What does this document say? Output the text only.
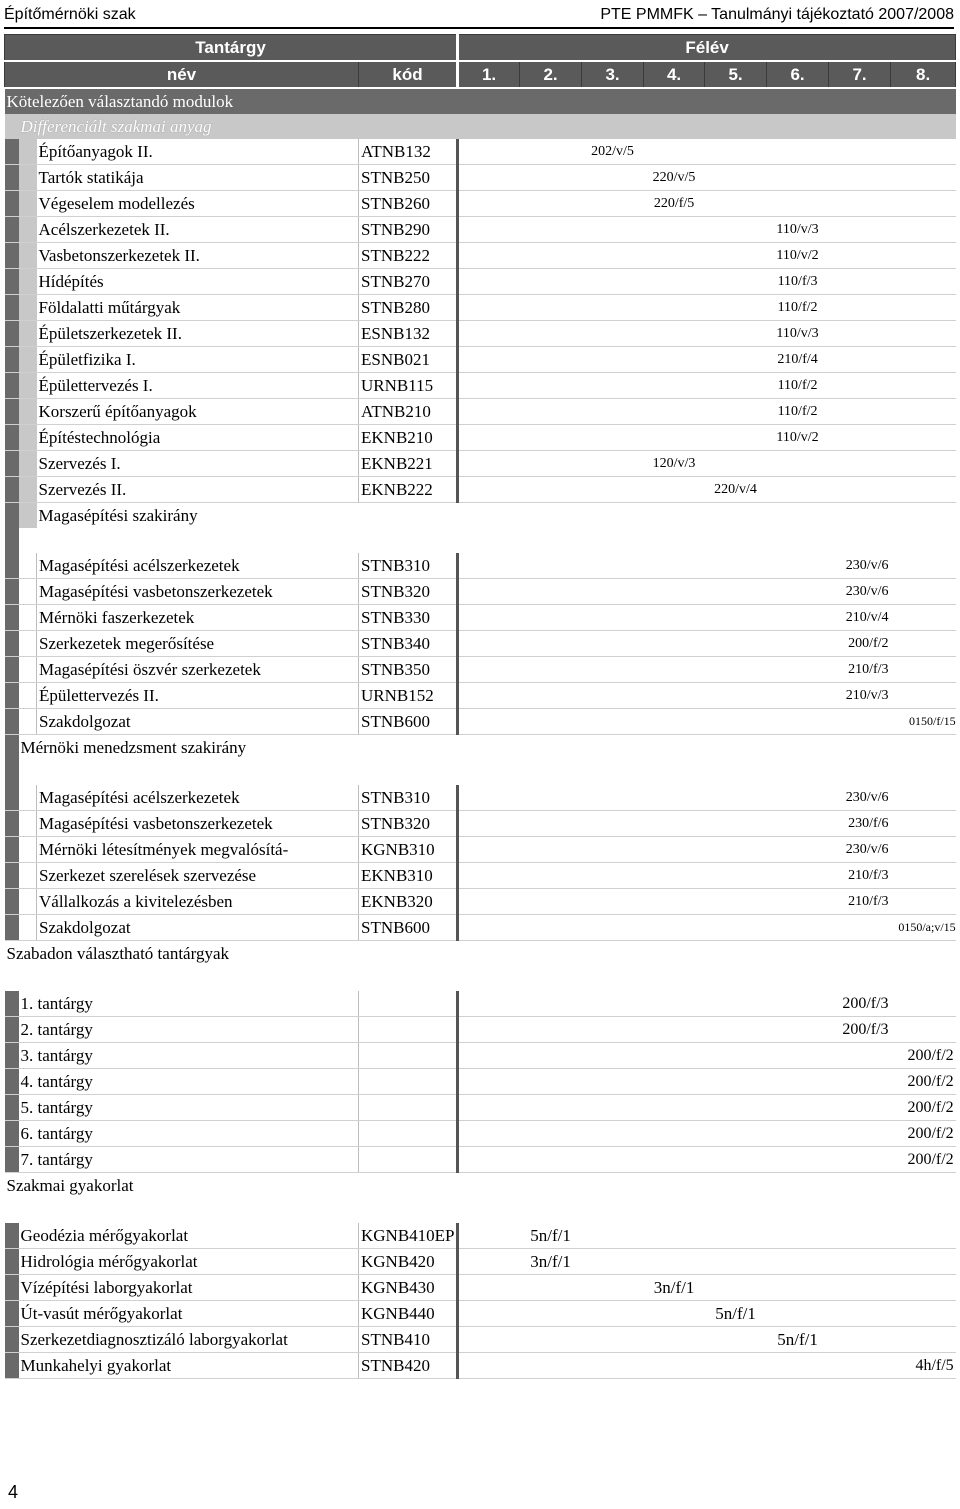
Építőmérnöki szak	PTE PMMFK – Tanulmányi tájékoztató 2007/2008
Tantárgy				Félév							
név			kód	1.	2.	3.	4.	5.	6.	7.	8.
Kötelezően választandó modulok											
	Differenciált szakmai anyag										
		Építőanyagok II.	ATNB132			202/v/5					
		Tartók statikája	STNB250				220/v/5				
		Végeselem modellezés	STNB260				220/f/5				
		Acélszerkezetek II.	STNB290						110/v/3		
		Vasbetonszerkezetek II.	STNB222						110/v/2		
		Hídépítés	STNB270						110/f/3		
		Földalatti műtárgyak	STNB280						110/f/2		
		Épületszerkezetek II.	ESNB132						110/v/3		
		Épületfizika I.	ESNB021						210/f/4		
		Épülettervezés I.	URNB115						110/f/2		
		Korszerű építőanyagok	ATNB210						110/f/2		
		Építéstechnológia	EKNB210						110/v/2		
		Szervezés I.	EKNB221				120/v/3				
		Szervezés II.	EKNB222					220/v/4			
		Magasépítési szakirány									

		Magasépítési acélszerkezetek	STNB310							230/v/6	
		Magasépítési vasbetonszerkezetek	STNB320							230/v/6	
		Mérnöki faszerkezetek	STNB330							210/v/4	
		Szerkezetek megerősítése	STNB340							200/f/2	
		Magasépítési öszvér szerkezetek	STNB350							210/f/3	
		Épülettervezés II.	URNB152							210/v/3	
		Szakdolgozat	STNB600								0150/f/15
	Mérnöki menedzsment szakirány										

		Magasépítési acélszerkezetek	STNB310							230/v/6	
		Magasépítési vasbetonszerkezetek	STNB320							230/f/6	
		Mérnöki létesítmények megvalósítá-	KGNB310							230/v/6	
		Szerkezet szerelések szervezése	EKNB310							210/f/3	
		Vállalkozás a kivitelezésben	EKNB320							210/f/3	
		Szakdolgozat	STNB600								0150/a;v/15
Szabadon választható tantárgyak											

	1. tantárgy									200/f/3	
	2. tantárgy									200/f/3	
	3. tantárgy										200/f/2
	4. tantárgy										200/f/2
	5. tantárgy										200/f/2
	6. tantárgy										200/f/2
	7. tantárgy										200/f/2
Szakmai gyakorlat											

	Geodézia mérőgyakorlat		KGNB410EP		5n/f/1						
	Hidrológia mérőgyakorlat		KGNB420		3n/f/1						
	Vízépítési laborgyakorlat		KGNB430				3n/f/1				
	Út-vasút mérőgyakorlat		KGNB440					5n/f/1			
	Szerkezetdiagnosztizáló laborgyakorlat		STNB410						5n/f/1		
	Munkahelyi gyakorlat		STNB420								4h/f/5
4
